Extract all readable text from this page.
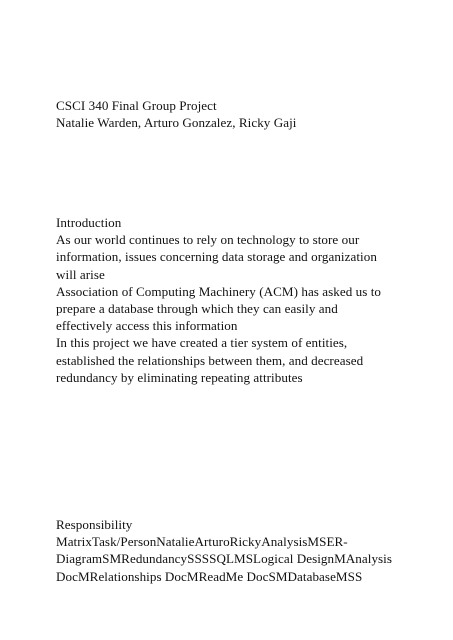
CSCI 340 Final Group Project
Natalie Warden, Arturo Gonzalez, Ricky Gaji
Introduction
As our world continues to rely on technology to store our
information, issues concerning data storage and organization
will arise
Association of Computing Machinery (ACM) has asked us to
prepare a database through which they can easily and
effectively access this information
In this project we have created a tier system of entities,
established the relationships between them, and decreased
redundancy by eliminating repeating attributes
Responsibility
MatrixTask/PersonNatalieArturoRickyAnalysisMSER-
DiagramSMRedundancySSSSQLMSLogical DesignMAnalysis
DocMRelationships DocMReadMe DocSMDatabaseMSS
